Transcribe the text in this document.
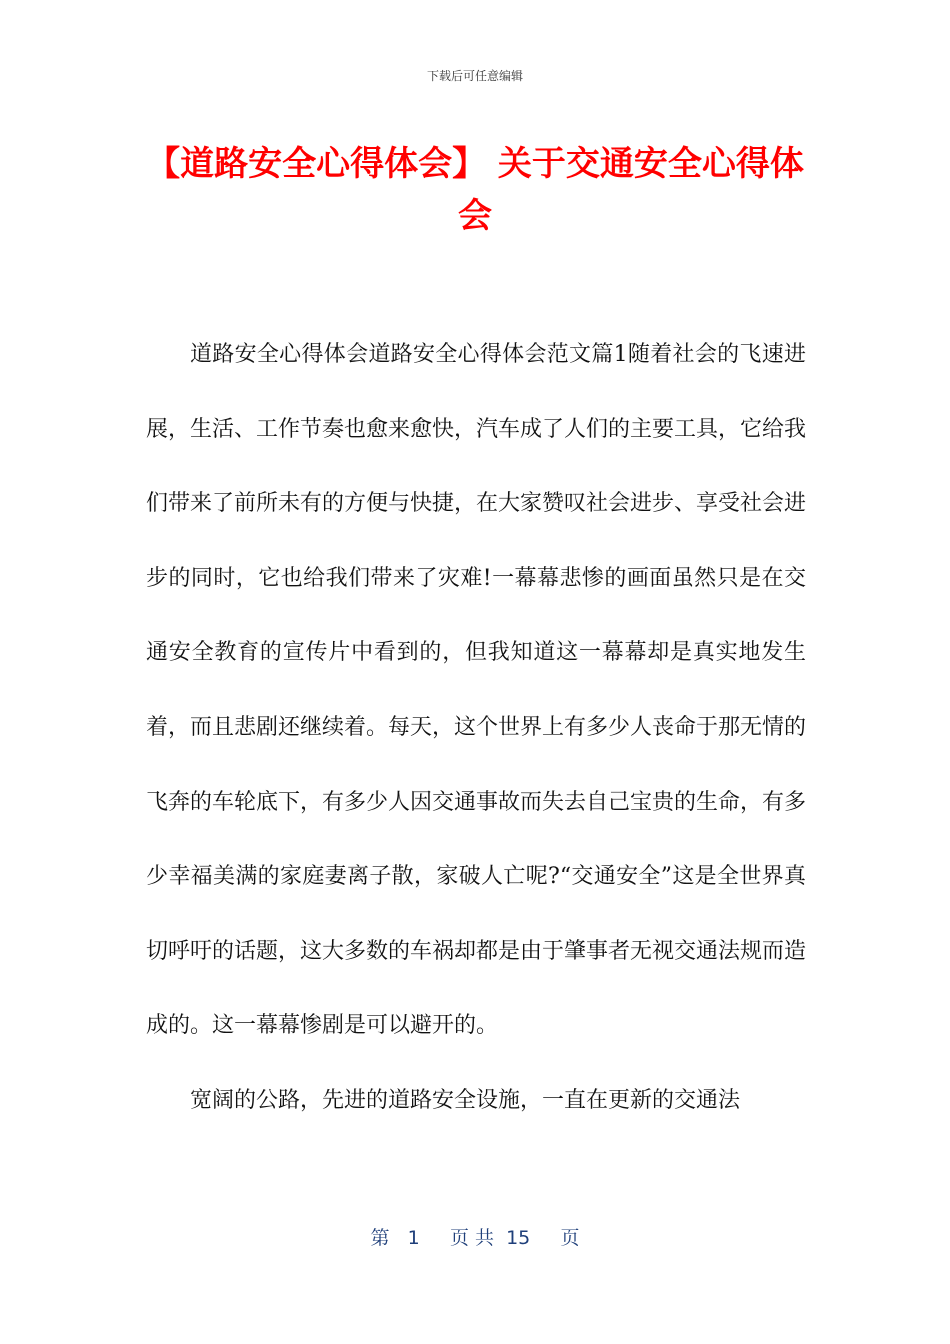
下载后可任意编辑
【道路安全心得体会】 关于交通安全心得体会

道路安全心得体会道路安全心得体会范文篇1随着社会的飞速进展，生活、工作节奏也愈来愈快，汽车成了人们的主要工具，它给我们带来了前所未有的方便与快捷，在大家赞叹社会进步、享受社会进步的同时，它也给我们带来了灾难!一幕幕悲惨的画面虽然只是在交通安全教育的宣传片中看到的，但我知道这一幕幕却是真实地发生着，而且悲剧还继续着。每天，这个世界上有多少人丧命于那无情的飞奔的车轮底下，有多少人因交通事故而失去自己宝贵的生命，有多少幸福美满的家庭妻离子散，家破人亡呢?“交通安全”这是全世界真切呼吁的话题，这大多数的车祸却都是由于肇事者无视交通法规而造成的。这一幕幕惨剧是可以避开的。

宽阔的公路，先进的道路安全设施，一直在更新的交通法

第   1     页 共  15     页
